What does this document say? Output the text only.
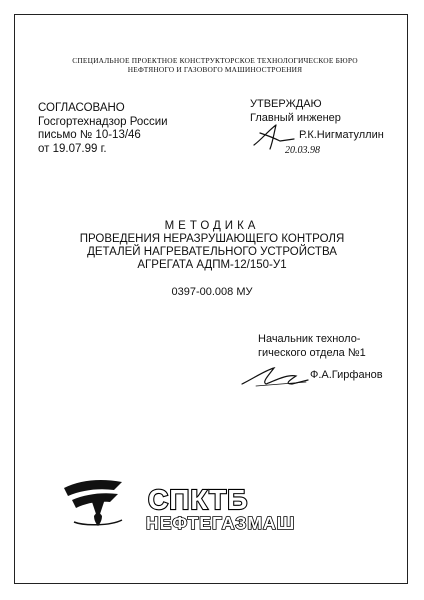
СПЕЦИАЛЬНОЕ ПРОЕКТНОЕ КОНСТРУКТОРСКОЕ ТЕХНОЛОГИЧЕСКОЕ БЮРО
НЕФТЯНОГО И ГАЗОВОГО МАШИНОСТРОЕНИЯ
СОГЛАСОВАНО
Госгортехнадзор России
письмо № 10-13/46
от 19.07.99 г.
УТВЕРЖДАЮ
Главный инженер
Р.К.Нигматуллин
20.03.98
МЕТОДИКА
ПРОВЕДЕНИЯ НЕРАЗРУШАЮЩЕГО КОНТРОЛЯ
ДЕТАЛЕЙ НАГРЕВАТЕЛЬНОГО УСТРОЙСТВА
АГРЕГАТА АДПМ-12/150-У1
0397-00.008 МУ
Начальник техноло-
гического отдела №1
Ф.А.Гирфанов
СПКТБ
НЕФТЕГАЗМАШ
